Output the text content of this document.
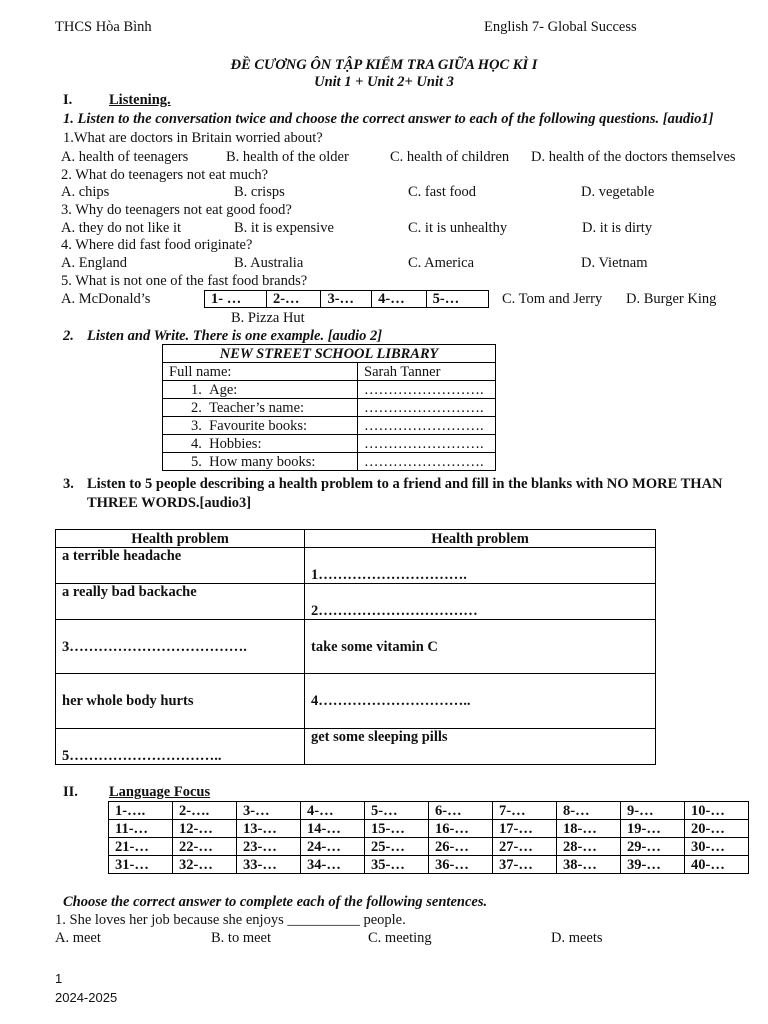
THCS Hòa Bình	English 7- Global Success
ĐỀ CƯƠNG ÔN TẬP KIỂM TRA GIỮA HỌC KÌ I
Unit 1 + Unit 2+ Unit 3
I.	Listening.
1. Listen to the conversation twice and choose the correct answer to each of the following questions. [audio1]
1.What are doctors in Britain worried about?
A. health of teenagers	B. health of the older	C. health of children D. health of the doctors themselves
2. What do teenagers not eat much?
A. chips	B. crisps	C. fast food	D. vegetable
3. Why do teenagers not eat good food?
A. they do not like it	B. it is expensive	C. it is unhealthy	D. it is dirty
4. Where did fast food originate?
A. England	B. Australia	C. America	D. Vietnam
5. What is not one of the fast food brands?
A. McDonald’s
B. Pizza Hut
C. Tom and Jerry D. Burger King
1- …	2-…	3-…	4-…	5-…
2. Listen and Write. There is one example. [audio 2]
NEW STREET SCHOOL LIBRARY	
Full name:	Sarah Tanner
1. Age:	…………………….
2. Teacher’s name:	…………………….
3. Favourite books:	…………………….
4. Hobbies:	…………………….
5. How many books:	…………………….
3. Listen to 5 people describing a health problem to a friend and fill in the blanks with NO MORE THAN
THREE WORDS.[audio3]
Health problem	Health problem
a terrible headache	1………………………….
a really bad backache	2……………………………
3……………………………….	take some vitamin C
her whole body hurts	4…………………………..
5…………………………..	get some sleeping pills
II. Language Focus
1-….	2-….	3-…	4-…	5-…	6-…	7-…	8-…	9-…	10-…
11-…	12-…	13-…	14-…	15-…	16-…	17-…	18-…	19-…	20-…
21-…	22-…	23-…	24-…	25-…	26-…	27-…	28-…	29-…	30-…
31-…	32-…	33-…	34-…	35-…	36-…	37-…	38-…	39-…	40-…
Choose the correct answer to complete each of the following sentences.
1. She loves her job because she enjoys __________ people.
A. meet	B. to meet	C. meeting	D. meets
1
2024-2025
